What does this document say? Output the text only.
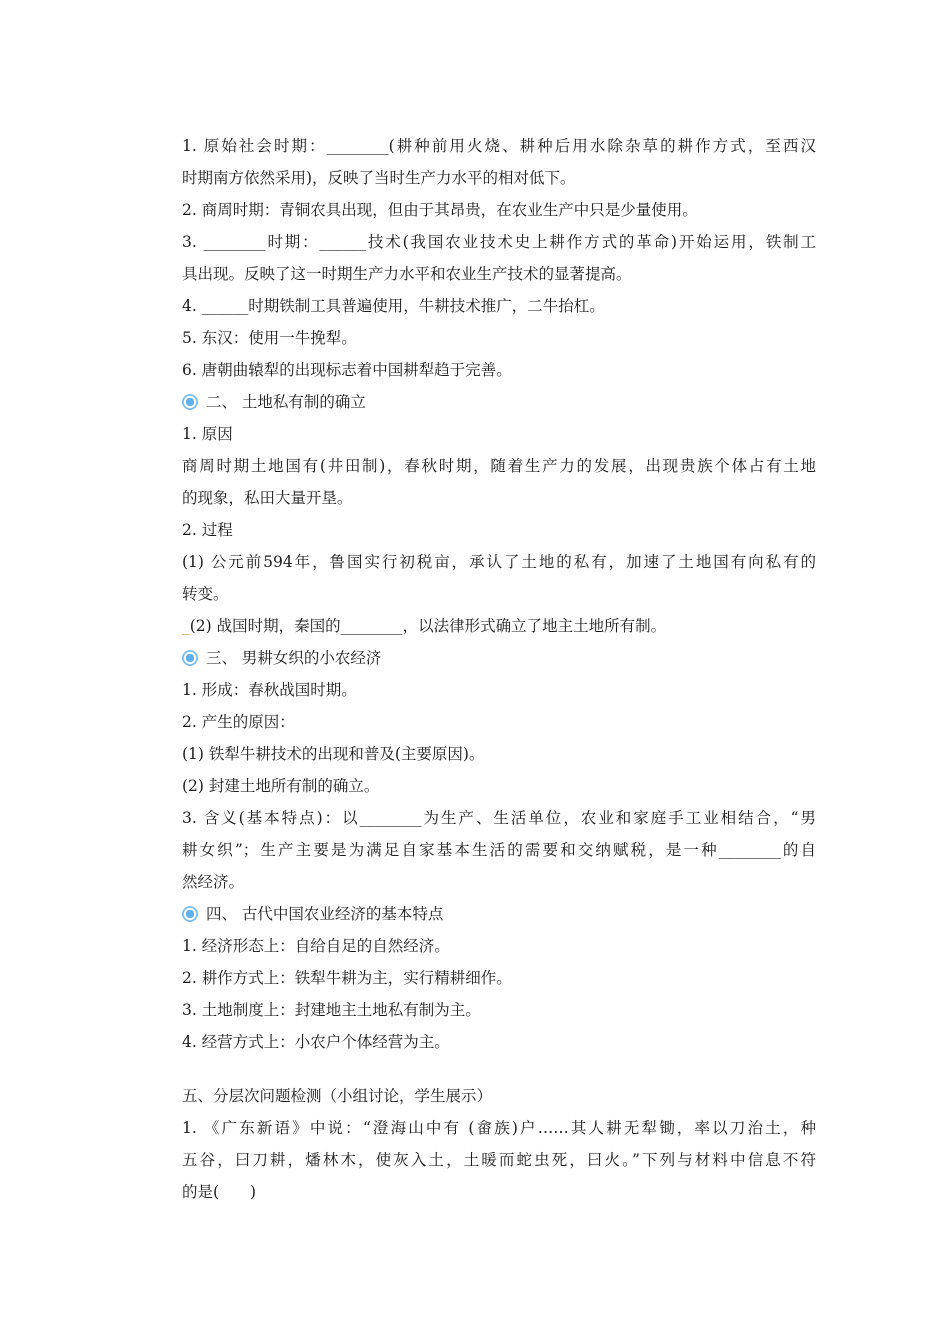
1. 原始社会时期：________(耕种前用火烧、耕种后用水除杂草的耕作方式，至西汉
时期南方依然采用)，反映了当时生产力水平的相对低下。
2. 商周时期：青铜农具出现，但由于其昂贵，在农业生产中只是少量使用。
3. ________时期：______技术(我国农业技术史上耕作方式的革命)开始运用，铁制工
具出现。反映了这一时期生产力水平和农业生产技术的显著提高。
4. ______时期铁制工具普遍使用，牛耕技术推广，二牛抬杠。
5. 东汉：使用一牛挽犁。
6. 唐朝曲辕犁的出现标志着中国耕犁趋于完善。
二、 土地私有制的确立
1. 原因
商周时期土地国有(井田制)，春秋时期，随着生产力的发展，出现贵族个体占有土地
的现象，私田大量开垦。
2. 过程
(1) 公元前594年，鲁国实行初税亩，承认了土地的私有，加速了土地国有向私有的
转变。
_(2) 战国时期，秦国的________，以法律形式确立了地主土地所有制。
三、 男耕女织的小农经济
1. 形成：春秋战国时期。
2. 产生的原因：
(1) 铁犁牛耕技术的出现和普及(主要原因)。
(2) 封建土地所有制的确立。
3. 含义(基本特点)：以________为生产、生活单位，农业和家庭手工业相结合，“男
耕女织”；生产主要是为满足自家基本生活的需要和交纳赋税，是一种________的自
然经济。
四、 古代中国农业经济的基本特点
1. 经济形态上：自给自足的自然经济。
2. 耕作方式上：铁犁牛耕为主，实行精耕细作。
3. 土地制度上：封建地主土地私有制为主。
4. 经营方式上：小农户个体经营为主。
五、分层次问题检测（小组讨论，学生展示）
1. 《广东新语》中说：“澄海山中有 (畲族)户……其人耕无犁锄，率以刀治土，种
五谷，曰刀耕，燔林木，使灰入土，土暖而蛇虫死，曰火。”下列与材料中信息不符
的是(　　)
